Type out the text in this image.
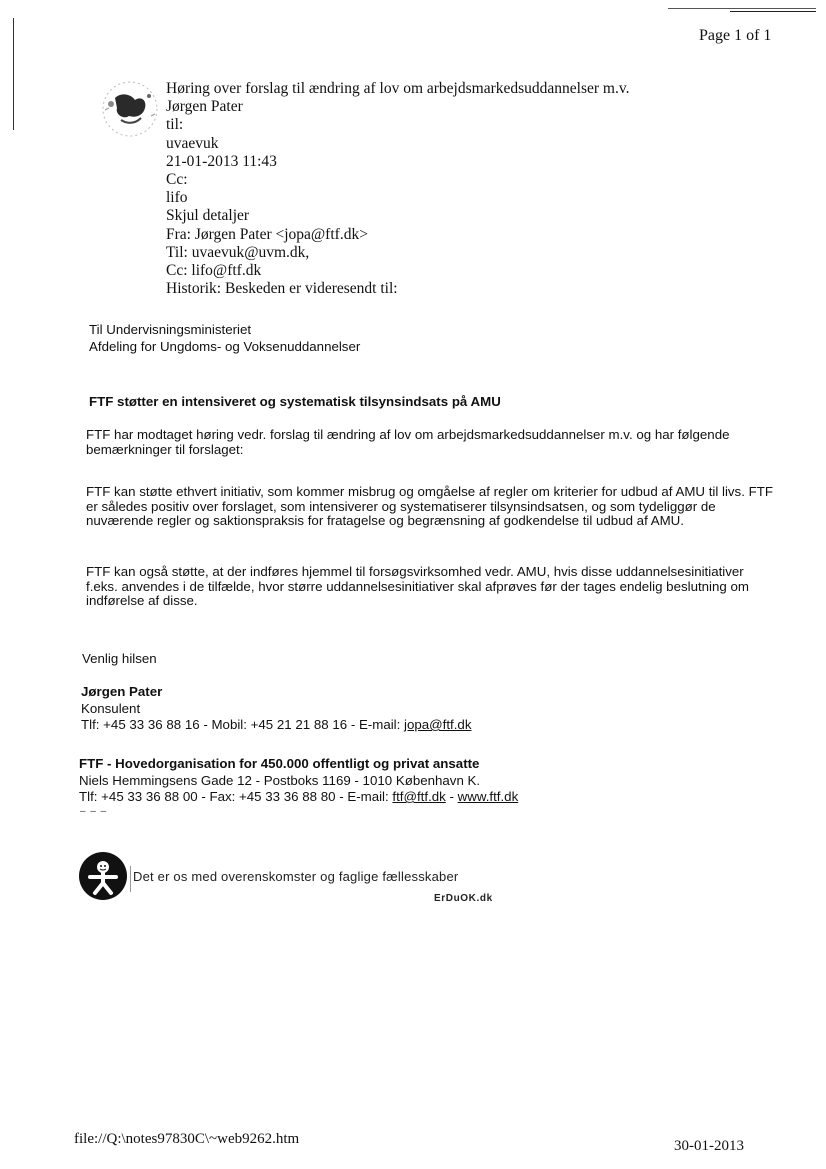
Page 1 of 1
Høring over forslag til ændring af lov om arbejdsmarkedsuddannelser m.v.
Jørgen Pater
til:
uvaevuk
21-01-2013 11:43
Cc:
lifo
Skjul detaljer
Fra: Jørgen Pater <jopa@ftf.dk>
Til: uvaevuk@uvm.dk,
Cc: lifo@ftf.dk
Historik: Beskeden er videresendt til:
Til Undervisningsministeriet
Afdeling for Ungdoms- og Voksenuddannelser
FTF støtter en intensiveret og systematisk tilsynsindsats på AMU
FTF har modtaget høring vedr. forslag til ændring af lov om arbejdsmarkedsuddannelser m.v. og har følgende bemærkninger til forslaget:
FTF kan støtte ethvert initiativ, som kommer misbrug og omgåelse af regler om kriterier for udbud af AMU til livs. FTF er således positiv over forslaget, som intensiverer og systematiserer tilsynsindsatsen, og som tydeliggør de nuværende regler og saktionspraksis for fratagelse og begrænsning af godkendelse til udbud af AMU.
FTF kan også støtte, at der indføres hjemmel til forsøgsvirksomhed vedr. AMU, hvis disse uddannelsesinitiativer f.eks. anvendes i de tilfælde, hvor større uddannelsesinitiativer skal afprøves før der tages endelig beslutning om indførelse af disse.
Venlig hilsen
Jørgen Pater
Konsulent
Tlf: +45 33 36 88 16 - Mobil: +45 21 21 88 16 - E-mail: jopa@ftf.dk
FTF - Hovedorganisation for 450.000 offentligt og privat ansatte
Niels Hemmingsens Gade 12 - Postboks 1169 - 1010 København K.
Tlf: +45 33 36 88 00 - Fax: +45 33 36 88 80 - E-mail: ftf@ftf.dk - www.ftf.dk
– – –
Det er os med overenskomster og faglige fællesskaber
ErDuOK.dk
file://Q:\notes97830C\~web9262.htm	30-01-2013
